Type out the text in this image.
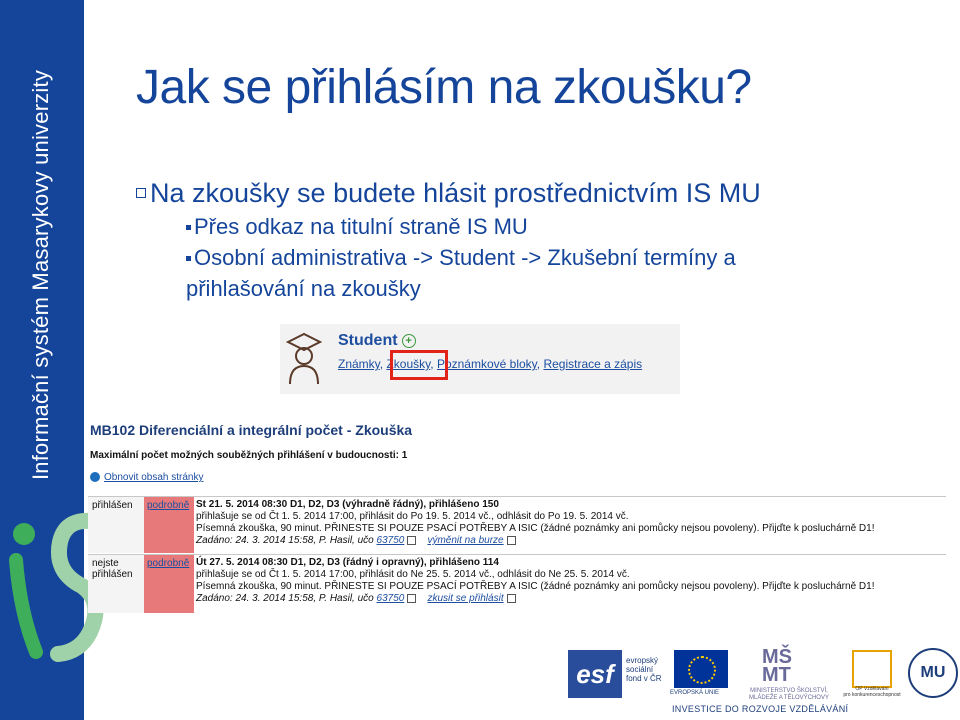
Informační systém Masarykovy univerzity Jak se přihlásím na zkoušku?
Na zkoušky se budete hlásit prostřednictvím IS MU
Přes odkaz na titulní straně IS MU
Osobní administrativa -> Student -> Zkušební termíny a
přihlašování na zkoušky
Student +
Známky, Zkoušky, Poznámkové bloky, Registrace a zápis
MB102 Diferenciální a integrální počet - Zkouška
Maximální počet možných souběžných přihlášení v budoucnosti: 1
Obnovit obsah stránky
přihlášen	podrobně St 21. 5. 2014 08:30 D1, D2, D3 (výhradně řádný), přihlášeno 150
přihlašuje se od Čt 1. 5. 2014 17:00, přihlásit do Po 19. 5. 2014 vč., odhlásit do Po 19. 5. 2014 vč.
Písemná zkouška, 90 minut. PŘINESTE SI POUZE PSACÍ POTŘEBY A ISIC (žádné poznámky ani pomůcky nejsou povoleny). Přijďte k posluchárně D1!
Zadáno: 24. 3. 2014 15:58, P. Hasil, učo 63750 výměnit na burze
nejste přihlášen
podrobně Út 27. 5. 2014 08:30 D1, D2, D3 (řádný i opravný), přihlášeno 114
přihlašuje se od Čt 1. 5. 2014 17:00, přihlásit do Ne 25. 5. 2014 vč., odhlásit do Ne 25. 5. 2014 vč.
Písemná zkouška, 90 minut. PŘINESTE SI POUZE PSACÍ POTŘEBY A ISIC (žádné poznámky ani pomůcky nejsou povoleny). Přijďte k posluchárně D1!
Zadáno: 24. 3. 2014 15:58, P. Hasil, učo 63750 zkusit se přihlásit
esf	evropský
sociální
fond v ČR
EVROPSKÁ UNIE
MŠ
MT
MINISTERSTVO ŠKOLSTVÍ,
MLÁDEŽE A TĚLOVÝCHOVY
OP Vzdělávání
pro konkurenceschopnost
MU
INVESTICE DO ROZVOJE VZDĚLÁVÁNÍ
